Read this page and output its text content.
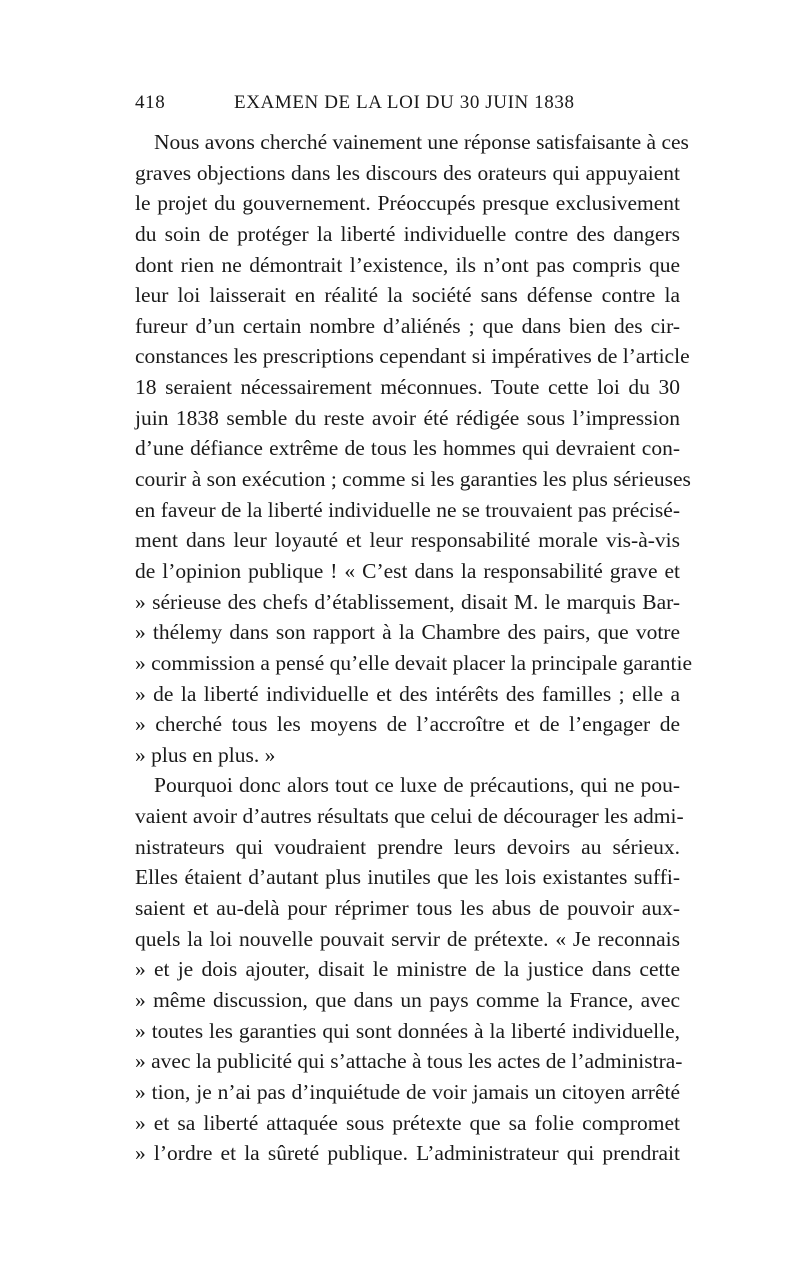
418	EXAMEN DE LA LOI DU 30 JUIN 1838
Nous avons cherché vainement une réponse satisfaisante à ces
graves objections dans les discours des orateurs qui appuyaient
le projet du gouvernement. Préoccupés presque exclusivement
du soin de protéger la liberté individuelle contre des dangers
dont rien ne démontrait l’existence, ils n’ont pas compris que
leur loi laisserait en réalité la société sans défense contre la
fureur d’un certain nombre d’aliénés ; que dans bien des cir-
constances les prescriptions cependant si impératives de l’article
18 seraient nécessairement méconnues. Toute cette loi du 30
juin 1838 semble du reste avoir été rédigée sous l’impression
d’une défiance extrême de tous les hommes qui devraient con-
courir à son exécution ; comme si les garanties les plus sérieuses
en faveur de la liberté individuelle ne se trouvaient pas précisé-
ment dans leur loyauté et leur responsabilité morale vis-à-vis
de l’opinion publique ! « C’est dans la responsabilité grave et
» sérieuse des chefs d’établissement, disait M. le marquis Bar-
» thélemy dans son rapport à la Chambre des pairs, que votre
» commission a pensé qu’elle devait placer la principale garantie
» de la liberté individuelle et des intérêts des familles ; elle a
» cherché tous les moyens de l’accroître et de l’engager de
» plus en plus. »
Pourquoi donc alors tout ce luxe de précautions, qui ne pou-
vaient avoir d’autres résultats que celui de décourager les admi-
nistrateurs qui voudraient prendre leurs devoirs au sérieux.
Elles étaient d’autant plus inutiles que les lois existantes suffi-
saient et au-delà pour réprimer tous les abus de pouvoir aux-
quels la loi nouvelle pouvait servir de prétexte. « Je reconnais
» et je dois ajouter, disait le ministre de la justice dans cette
» même discussion, que dans un pays comme la France, avec
» toutes les garanties qui sont données à la liberté individuelle,
» avec la publicité qui s’attache à tous les actes de l’administra-
» tion, je n’ai pas d’inquiétude de voir jamais un citoyen arrêté
» et sa liberté attaquée sous prétexte que sa folie compromet
» l’ordre et la sûreté publique. L’administrateur qui prendrait
